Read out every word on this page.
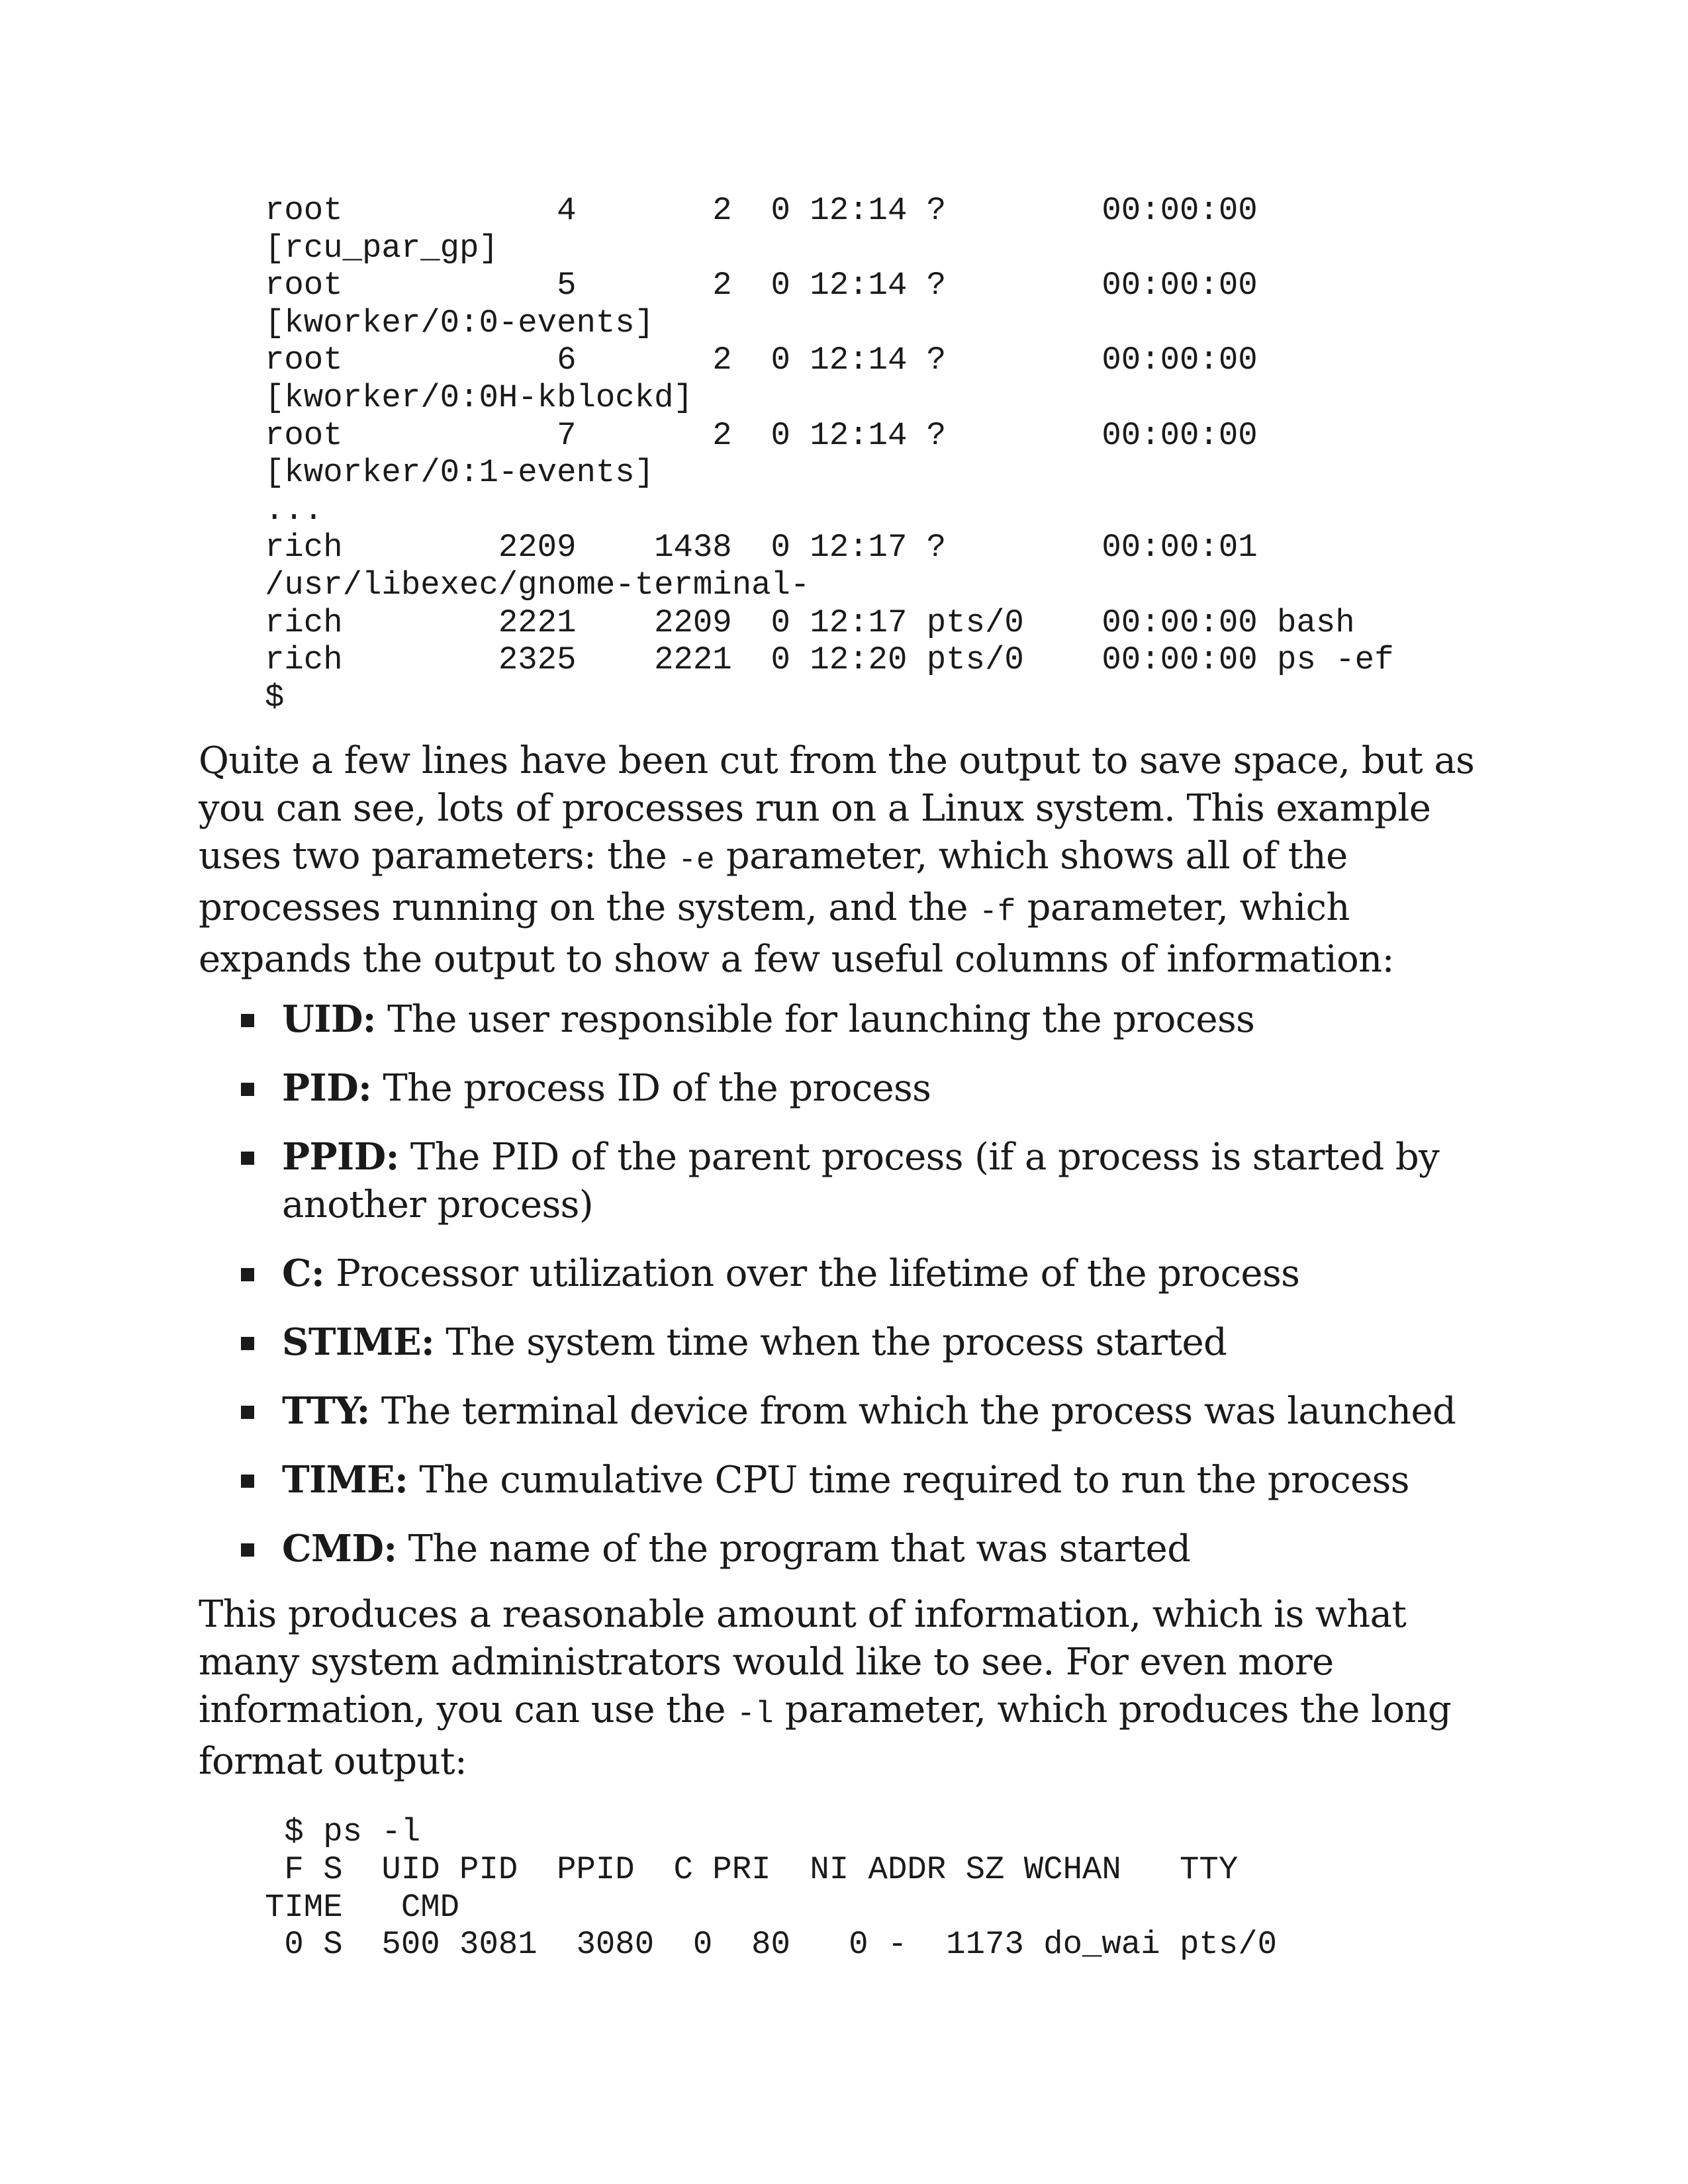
root           4       2  0 12:14 ?        00:00:00
[rcu_par_gp]
root           5       2  0 12:14 ?        00:00:00
[kworker/0:0-events]
root           6       2  0 12:14 ?        00:00:00
[kworker/0:0H-kblockd]
root           7       2  0 12:14 ?        00:00:00
[kworker/0:1-events]
...
rich        2209    1438  0 12:17 ?        00:00:01
/usr/libexec/gnome-terminal-
rich        2221    2209  0 12:17 pts/0    00:00:00 bash
rich        2325    2221  0 12:20 pts/0    00:00:00 ps -ef
$

Quite a few lines have been cut from the output to save space, but as you can see, lots of processes run on a Linux system. This example uses two parameters: the -e parameter, which shows all of the processes running on the system, and the -f parameter, which expands the output to show a few useful columns of information:

UID: The user responsible for launching the process
PID: The process ID of the process
PPID: The PID of the parent process (if a process is started by another process)
C: Processor utilization over the lifetime of the process
STIME: The system time when the process started
TTY: The terminal device from which the process was launched
TIME: The cumulative CPU time required to run the process
CMD: The name of the program that was started

This produces a reasonable amount of information, which is what many system administrators would like to see. For even more information, you can use the -l parameter, which produces the long format output:

$ ps -l
F S  UID PID  PPID  C PRI  NI ADDR SZ WCHAN   TTY
TIME   CMD
0 S  500 3081  3080  0  80   0 -  1173 do_wai pts/0
